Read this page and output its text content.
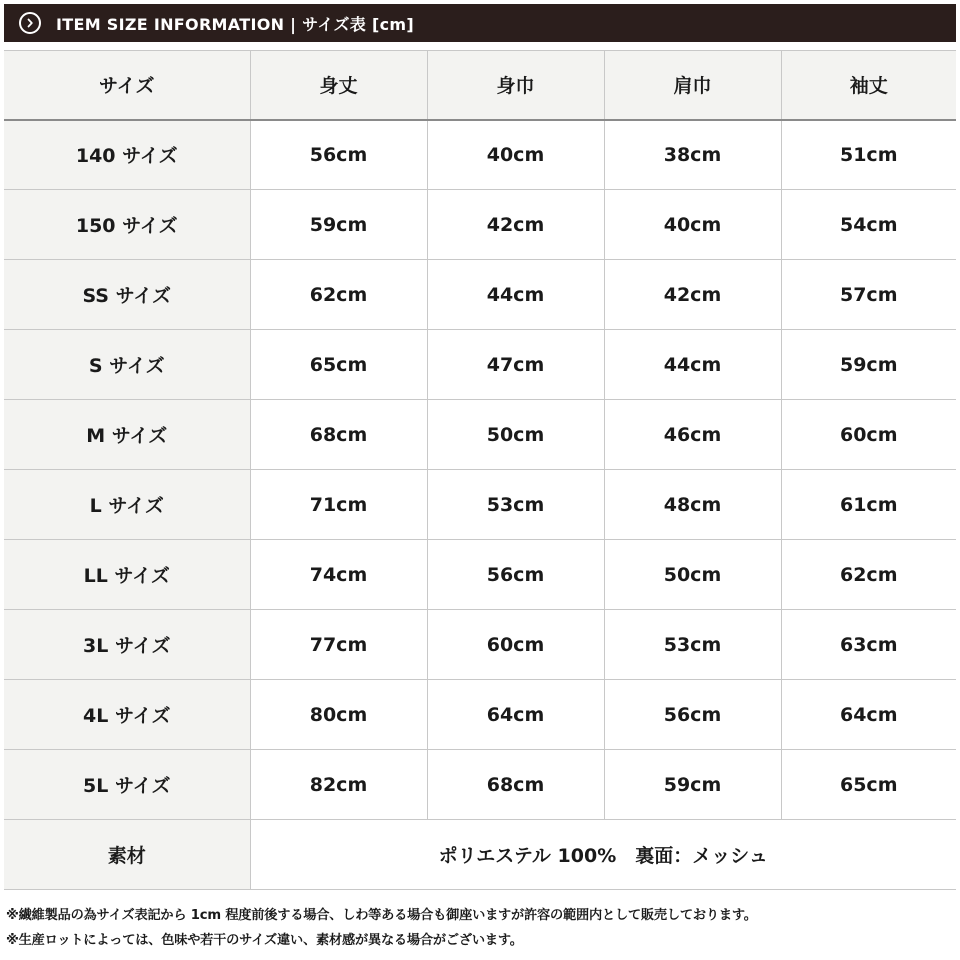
ITEM SIZE INFORMATION | サイズ表 [cm]
サイズ	身丈	身巾	肩巾	袖丈
140 サイズ	56cm	40cm	38cm	51cm
150 サイズ	59cm	42cm	40cm	54cm
SS サイズ	62cm	44cm	42cm	57cm
S サイズ	65cm	47cm	44cm	59cm
M サイズ	68cm	50cm	46cm	60cm
L サイズ	71cm	53cm	48cm	61cm
LL サイズ	74cm	56cm	50cm	62cm
3L サイズ	77cm	60cm	53cm	63cm
4L サイズ	80cm	64cm	56cm	64cm
5L サイズ	82cm	68cm	59cm	65cm
素材	ポリエステル 100%　裏面：メッシュ			
※繊維製品の為サイズ表記から 1cm 程度前後する場合、しわ等ある場合も御座いますが許容の範囲内として販売しております。
※生産ロットによっては、色味や若干のサイズ違い、素材感が異なる場合がございます。
